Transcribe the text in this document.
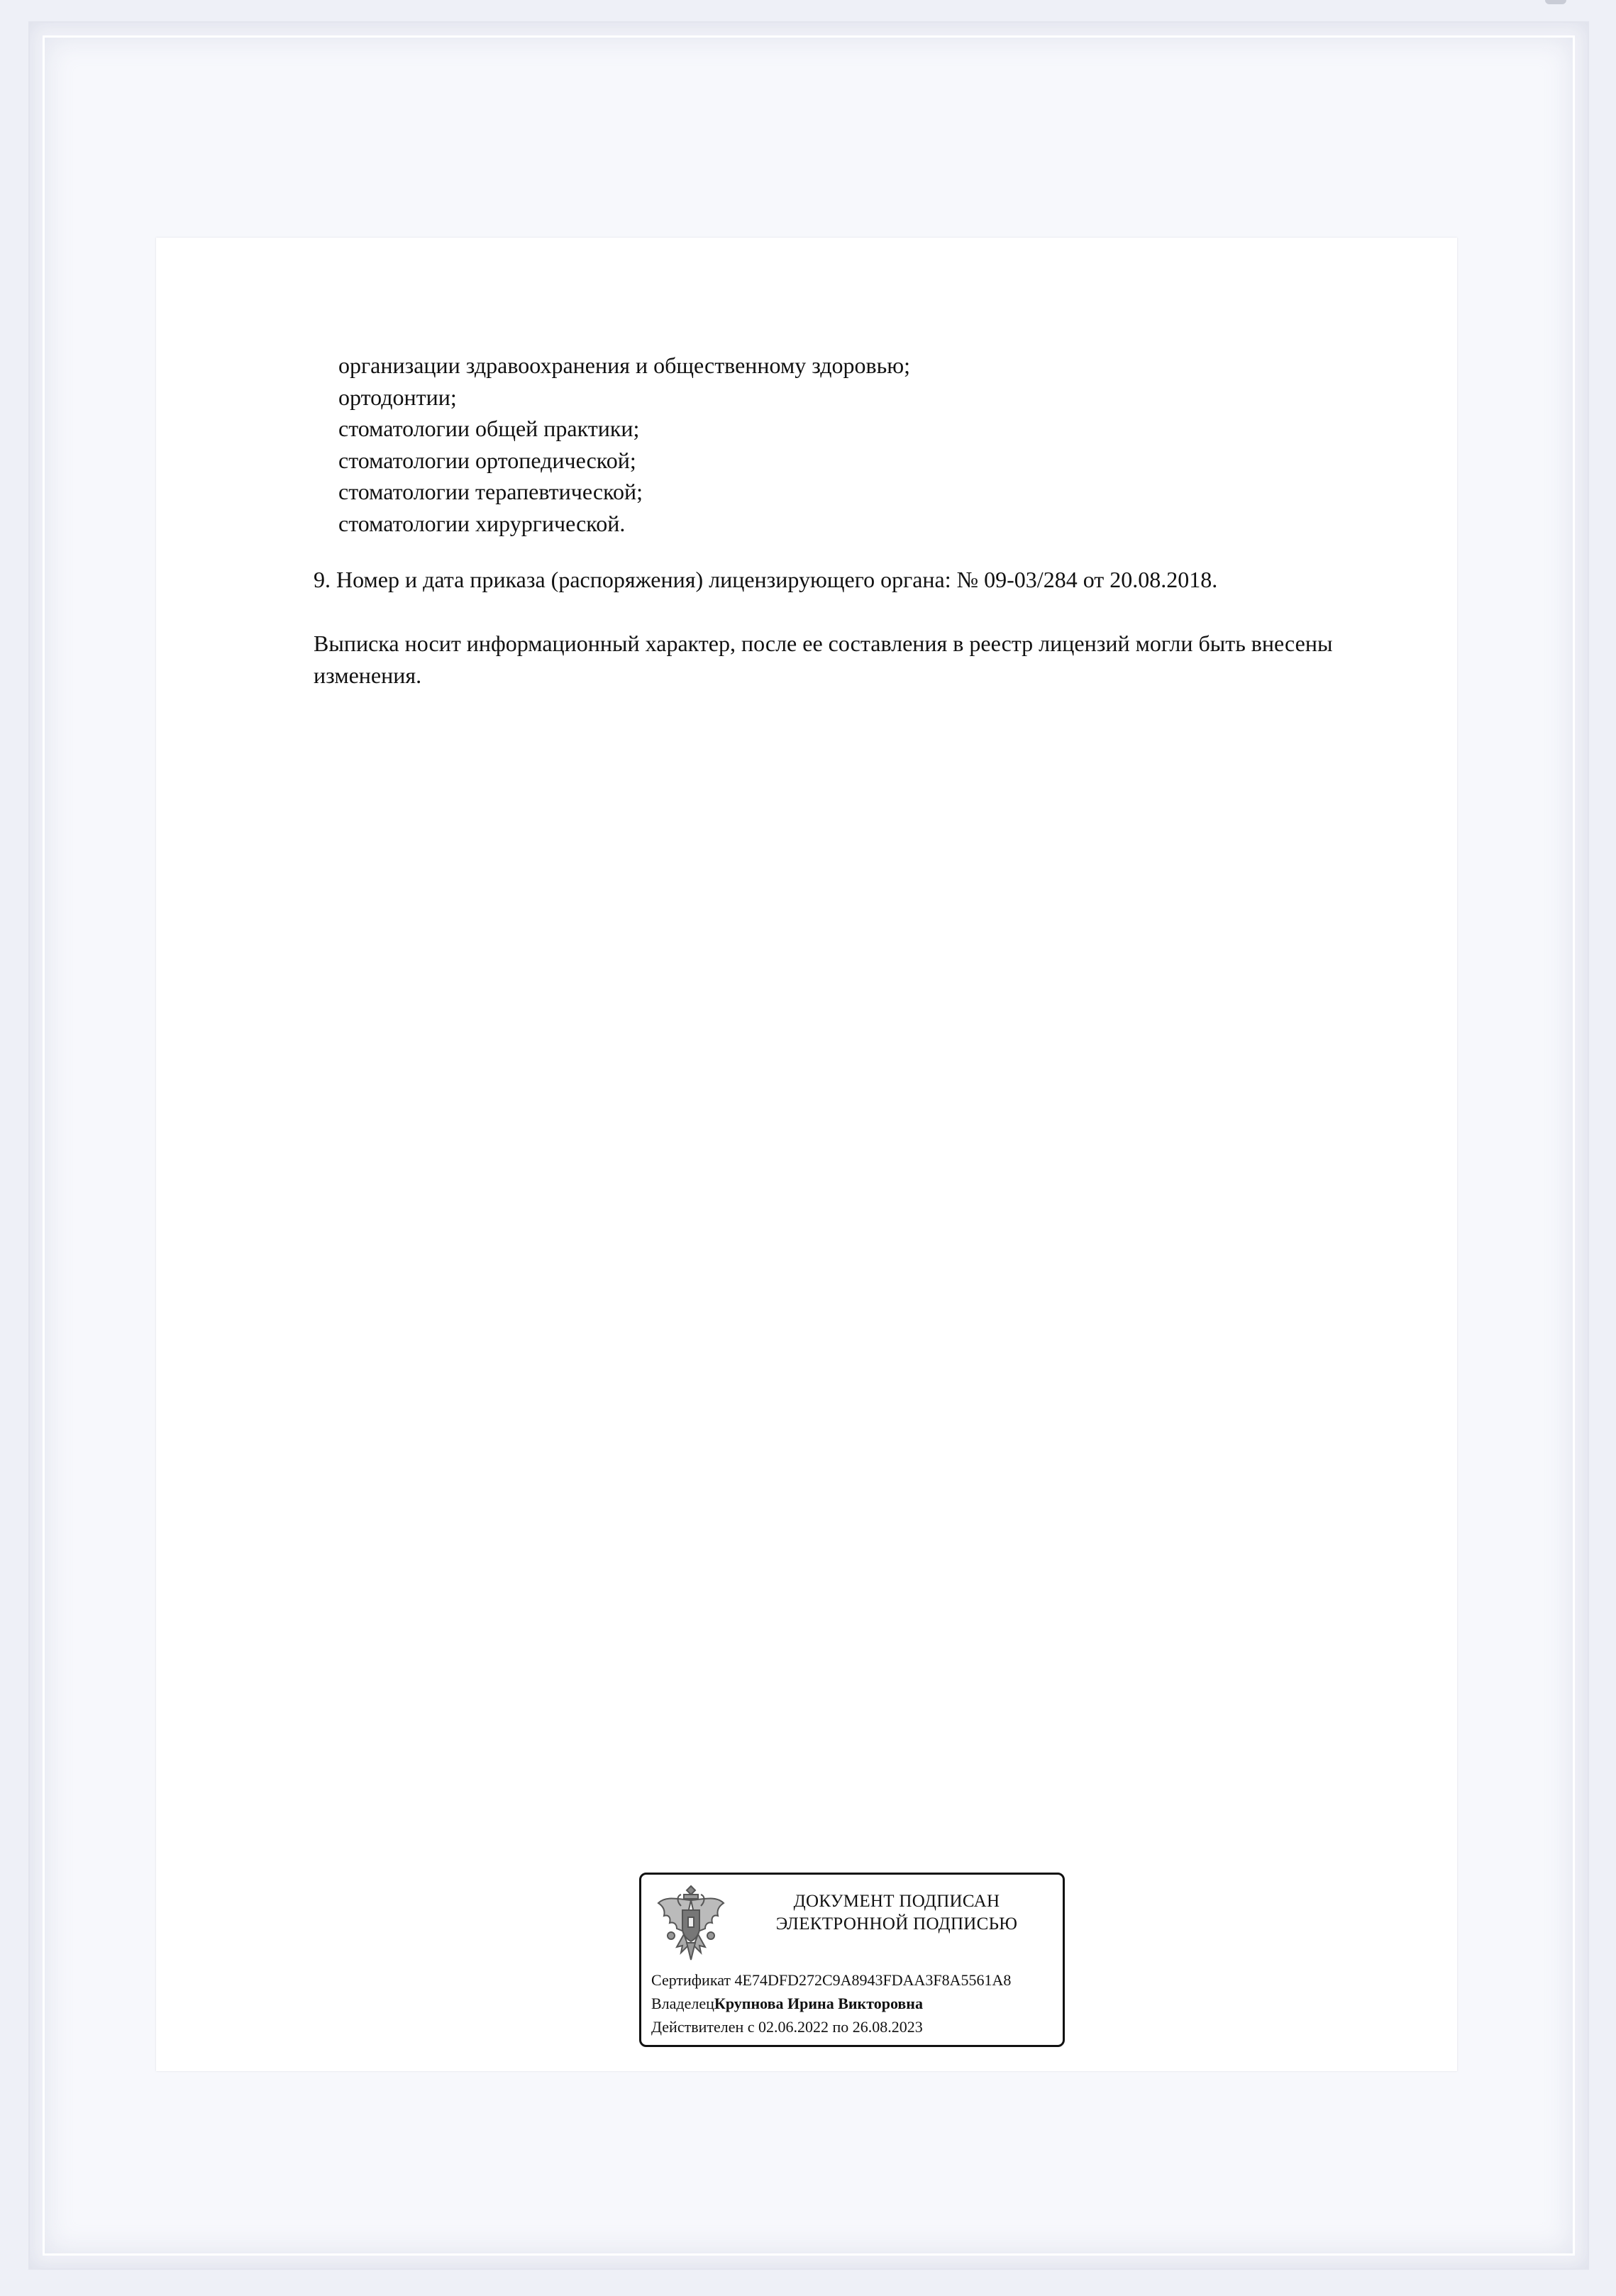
организации здравоохранения и общественному здоровью;
ортодонтии;
стоматологии общей практики;
стоматологии ортопедической;
стоматологии терапевтической;
стоматологии хирургической.

9. Номер и дата приказа (распоряжения) лицензирующего органа: № 09-03/284 от 20.08.2018.

Выписка носит информационный характер, после ее составления в реестр лицензий могли быть внесены изменения.

ДОКУМЕНТ ПОДПИСАН
ЭЛЕКТРОННОЙ ПОДПИСЬЮ
Сертификат 4E74DFD272C9A8943FDAA3F8A5561A8
ВладелецКрупнова Ирина Викторовна
Действителен с 02.06.2022 по 26.08.2023
